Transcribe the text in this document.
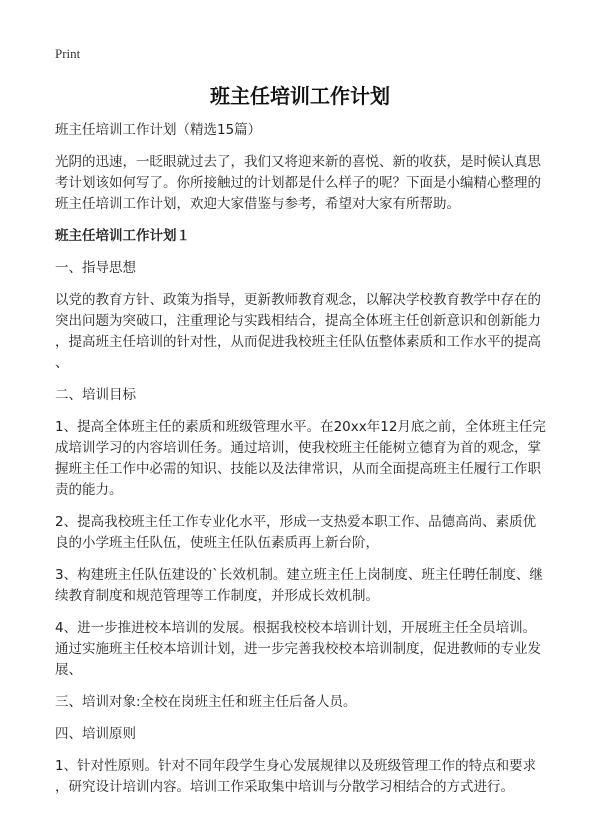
Print
班主任培训工作计划
班主任培训工作计划（精选15篇）
光阴的迅速，一眨眼就过去了，我们又将迎来新的喜悦、新的收获，是时候认真思
考计划该如何写了。你所接触过的计划都是什么样子的呢？下面是小编精心整理的
班主任培训工作计划，欢迎大家借鉴与参考，希望对大家有所帮助。
班主任培训工作计划１
一、指导思想
以党的教育方针、政策为指导，更新教师教育观念，以解决学校教育教学中存在的
突出问题为突破口，注重理论与实践相结合，提高全体班主任创新意识和创新能力
，提高班主任培训的针对性，从而促进我校班主任队伍整体素质和工作水平的提高
、
二、培训目标
1、提高全体班主任的素质和班级管理水平。在20xx年12月底之前，全体班主任完
成培训学习的内容培训任务。通过培训，使我校班主任能树立德育为首的观念，掌
握班主任工作中必需的知识、技能以及法律常识，从而全面提高班主任履行工作职
责的能力。
2、提高我校班主任工作专业化水平，形成一支热爱本职工作、品德高尚、素质优
良的小学班主任队伍，使班主任队伍素质再上新台阶，
3、构建班主任队伍建设的`长效机制。建立班主任上岗制度、班主任聘任制度、继
续教育制度和规范管理等工作制度，并形成长效机制。
4、进一步推进校本培训的发展。根据我校校本培训计划，开展班主任全员培训。
通过实施班主任校本培训计划，进一步完善我校校本培训制度，促进教师的专业发
展、
三、培训对象:全校在岗班主任和班主任后备人员。
四、培训原则
1、针对性原则。针对不同年段学生身心发展规律以及班级管理工作的特点和要求
，研究设计培训内容。培训工作采取集中培训与分散学习相结合的方式进行。
